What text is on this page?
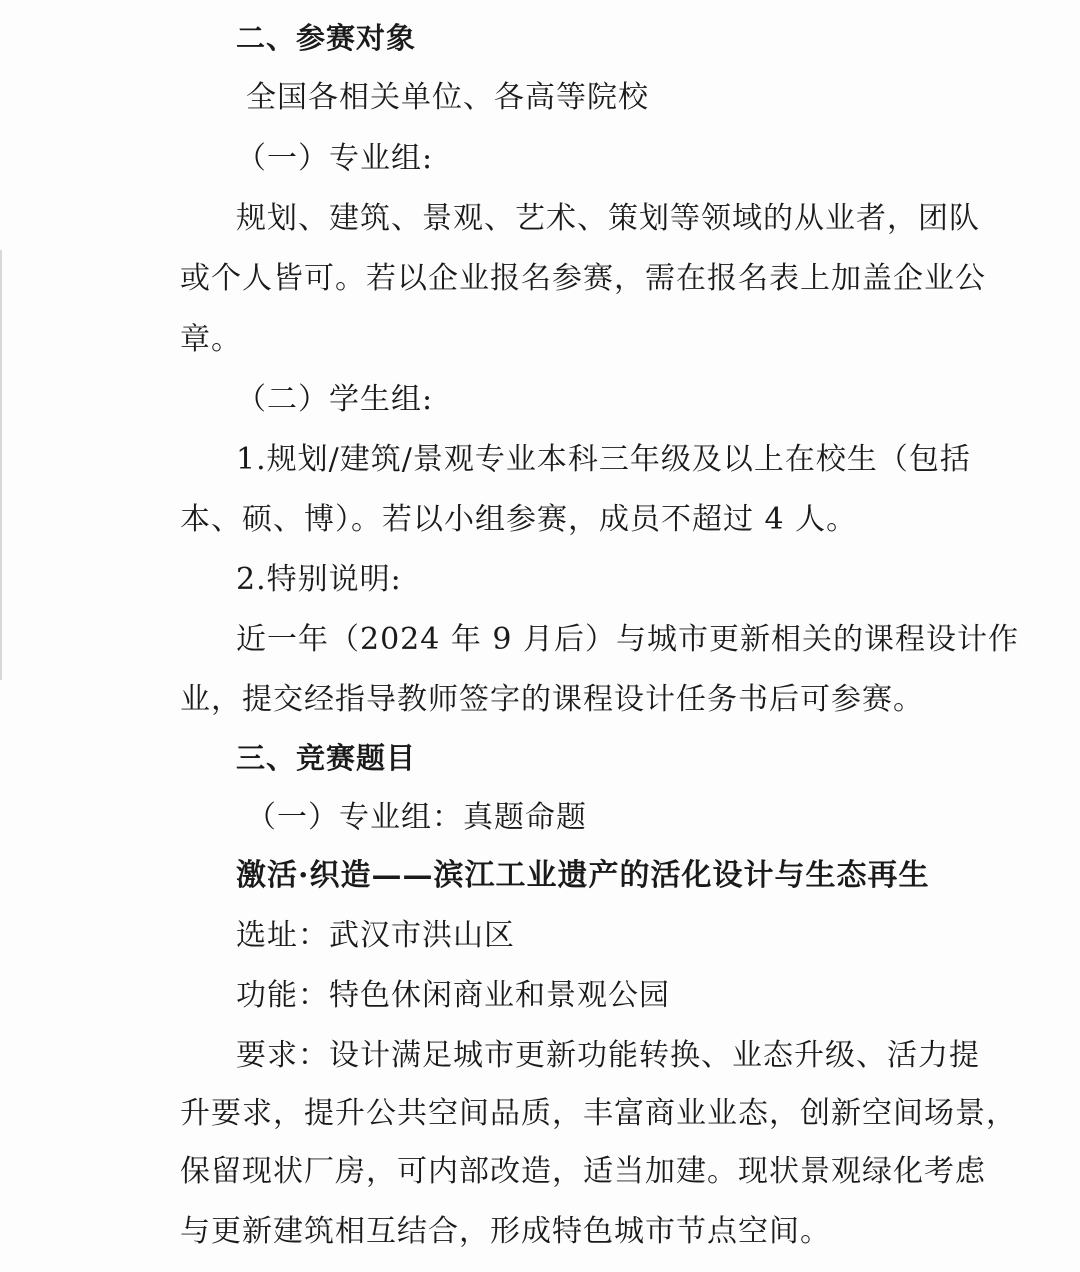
二、参赛对象
全国各相关单位、各高等院校
（一）专业组:
规划、建筑、景观、艺术、策划等领域的从业者，团队
或个人皆可。若以企业报名参赛，需在报名表上加盖企业公
章。
（二）学生组:
1.规划/建筑/景观专业本科三年级及以上在校生（包括
本、硕、博）。若以小组参赛，成员不超过 4 人。
2.特别说明:
近一年（2024 年 9 月后）与城市更新相关的课程设计作
业，提交经指导教师签字的课程设计任务书后可参赛。
三、竞赛题目
（一）专业组：真题命题
激活·织造——滨江工业遗产的活化设计与生态再生
选址：武汉市洪山区
功能：特色休闲商业和景观公园
要求：设计满足城市更新功能转换、业态升级、活力提
升要求，提升公共空间品质，丰富商业业态，创新空间场景，
保留现状厂房，可内部改造，适当加建。现状景观绿化考虑
与更新建筑相互结合，形成特色城市节点空间。
